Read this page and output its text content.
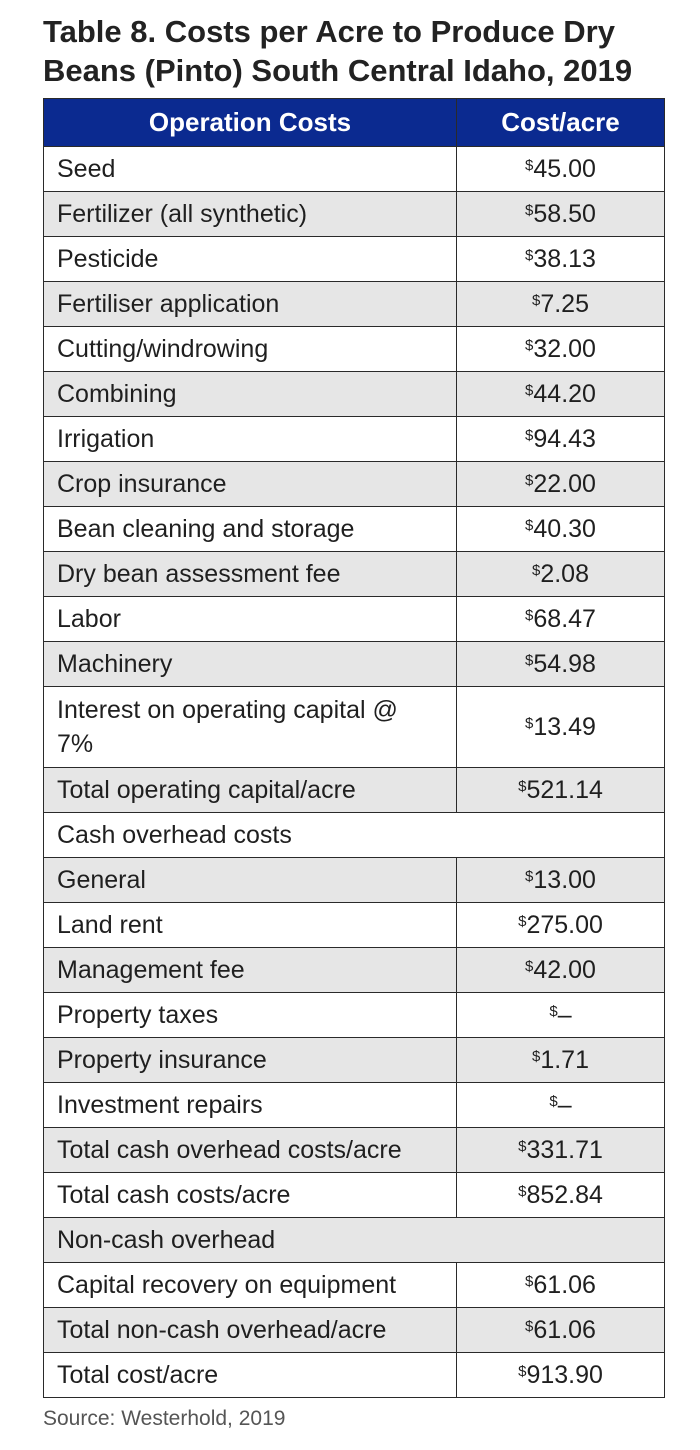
Table 8. Costs per Acre to Produce Dry Beans (Pinto) South Central Idaho, 2019
Operation Costs	Cost/acre
Seed	$45.00
Fertilizer (all synthetic)	$58.50
Pesticide	$38.13
Fertiliser application	$7.25
Cutting/windrowing	$32.00
Combining	$44.20
Irrigation	$94.43
Crop insurance	$22.00
Bean cleaning and storage	$40.30
Dry bean assessment fee	$2.08
Labor	$68.47
Machinery	$54.98
Interest on operating capital @ 7%	$13.49
Total operating capital/acre	$521.14
Cash overhead costs	
General	$13.00
Land rent	$275.00
Management fee	$42.00
Property taxes	$–
Property insurance	$1.71
Investment repairs	$–
Total cash overhead costs/acre	$331.71
Total cash costs/acre	$852.84
Non-cash overhead	
Capital recovery on equipment	$61.06
Total non-cash overhead/acre	$61.06
Total cost/acre	$913.90

Source: Westerhold, 2019
